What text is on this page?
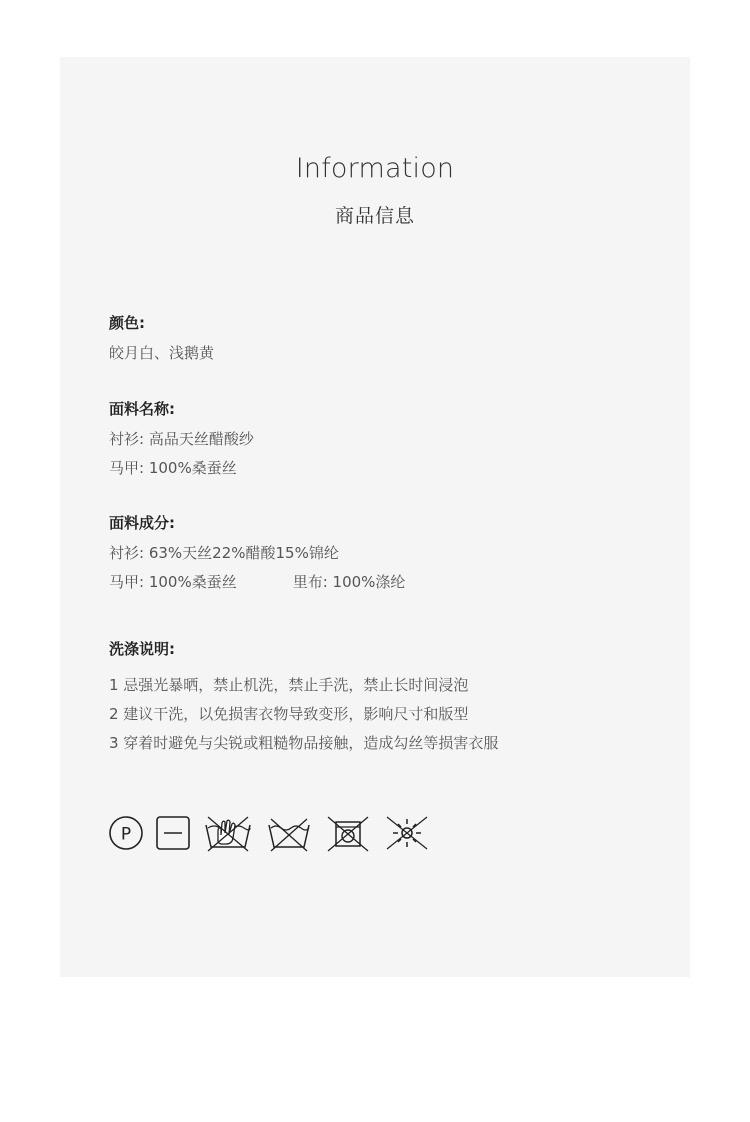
Information
商品信息
颜色:
皎月白、浅鹅黄
面料名称:
衬衫: 高品天丝醋酸纱
马甲: 100%桑蚕丝
面料成分:
衬衫: 63%天丝22%醋酸15%锦纶
马甲: 100%桑蚕丝	里布: 100%涤纶
洗涤说明:
1 忌强光暴晒，禁止机洗，禁止手洗，禁止长时间浸泡
2 建议干洗，以免损害衣物导致变形，影响尺寸和版型
3 穿着时避免与尖锐或粗糙物品接触，造成勾丝等损害衣服
P
